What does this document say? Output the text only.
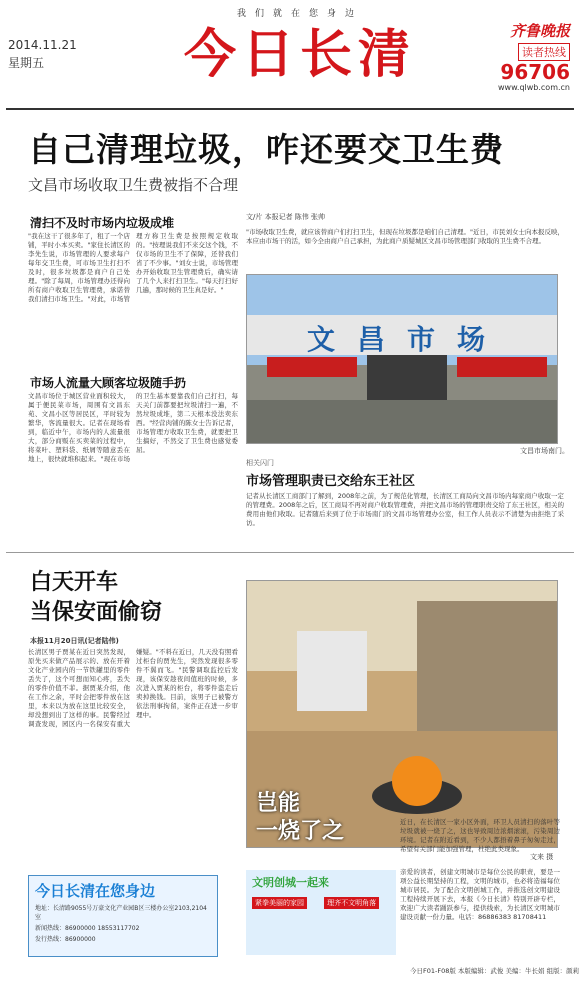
我们就在您身边
2014.11.21
星期五	今日长清	齐鲁晚报
读者热线
96706
www.qlwb.com.cn
自己清理垃圾，咋还要交卫生费
文昌市场收取卫生费被指不合理
清扫不及时市场内垃圾成堆
"我在这干了很多年了，租了一个店铺，平时小本买卖。"家住长清区的李先生说，市场管理的人要求每户每年交卫生费，可市场卫生打扫不及时，很多垃圾都是商户自己处理。"除了每周，市场管理办还得向所有商户收取卫生管理费，承诺替我们清扫市场卫生。"对此，市场管理方称卫生费是按照规定收取的。"按理说我们不来交这个钱，不仅市场的卫生不了保障，还替我们省了不少事。"刘女士说，市场管理办开始收取卫生管理费后，确实请了几个人来打扫卫生。"每天打扫好几遍，那时候的卫生真是好。"
市场人流量大顾客垃圾随手扔
文昌市场位于城区营业面积较大，属于便民菜市场，周围有文昌东苑、文昌小区等居民区，平时较为繁华，客流量很大。记者在现场看到，临近中午，市场内的人流量很大，部分商贩在买卖菜的过程中，将菜叶、塑料袋、纸屑等随意丢在地上，很快就堆积起来。"现在市场的卫生基本要靠我们自己打扫，每天关门前都要把垃圾清扫一遍，不然垃圾成堆，第二天根本没法卖东西。"经营肉铺的陈女士告诉记者，市场管理方收取卫生费，就要把卫生搞好，不然交了卫生费也感觉委屈。
文/片 本报记者 陈伟 张帅
"市场收取卫生费，就应该替商户们打扫卫生，但现在垃圾都是咱们自己清理。"近日，市民刘女士向本报反映，本应由市场干的活，如今全由商户自己承担，为此商户质疑城区文昌市场管理部门收取的卫生费不合理。
文昌市场
文昌市场南门。
相关闪门
市场管理职责已交给东王社区
记者从长清区工商部门了解到，2008年之前，为了规范化管理，长清区工商局向文昌市场内每家商户收取一定的管理费。2008年之后，区工商局不再对商户收取管理费，并把文昌市场的管理职责交给了东王社区，相关的费用由他们收取。记者随后来到了位于市场南门的文昌市场管理办公室，但工作人员表示不清楚为由拒绝了采访。
白天开车
当保安面偷窃
本报11月20日讯(记者陆伟)
长清区男子贾某在近日突然发现，原先买来做产品展示的、放在开着文化产业园内的一节铁罐里的零件丢失了，这个可想而知心疼，丢失的零件价值不菲。据贾某介绍，他在工作之余，平时会把零件放在这里，本来以为放在这里比较安全，却没想到出了这样的事。民警经过调查发现，园区内一名保安有重大嫌疑。"不料在近日，几天没有照看过柜台的贾先生，突然发现很多零件不翼而飞。"民警调取监控后发现，该保安趁夜间值班的时候，多次进入贾某的柜台，将零件盗走后卖掉换钱。目前，该男子已被警方依法刑事拘留，案件正在进一步审理中。
岂能
一烧了之	近日，在长清区一家小区外面，环卫人员清扫的落叶等垃圾就被一烧了之，这也导致周边浓烟滚滚，污染周边环境。记者在附近看到，不少人都捂着鼻子匆匆走过，希望有关部门能加强管理，杜绝此类现象。
文来 摄
今日长清在您身边
地址：长清路9055号万豪文化产业园B区三楼办公室2103,2104室
新闻热线：86900000 18553117702
发行热线：86900000
文明创城一起来
紧拳美丽的家园	理齐不文明角落
亲爱的读者，创建文明城市是每位公民的职责，要是一项公益长期坚持的工程，文明的城市，也必将造福每位城市居民。为了配合文明创城工作，并推选创文明建设工程持续开展下去，本报《今日长清》特别开辟专栏，欢迎广大读者踊跃参与，提供线索，为长清区文明城市建设贡献一份力量。电话：86886383 81708411
今日F01-F08版 本版编辑：武俊 美编：牛长娟 组版：颜莉
